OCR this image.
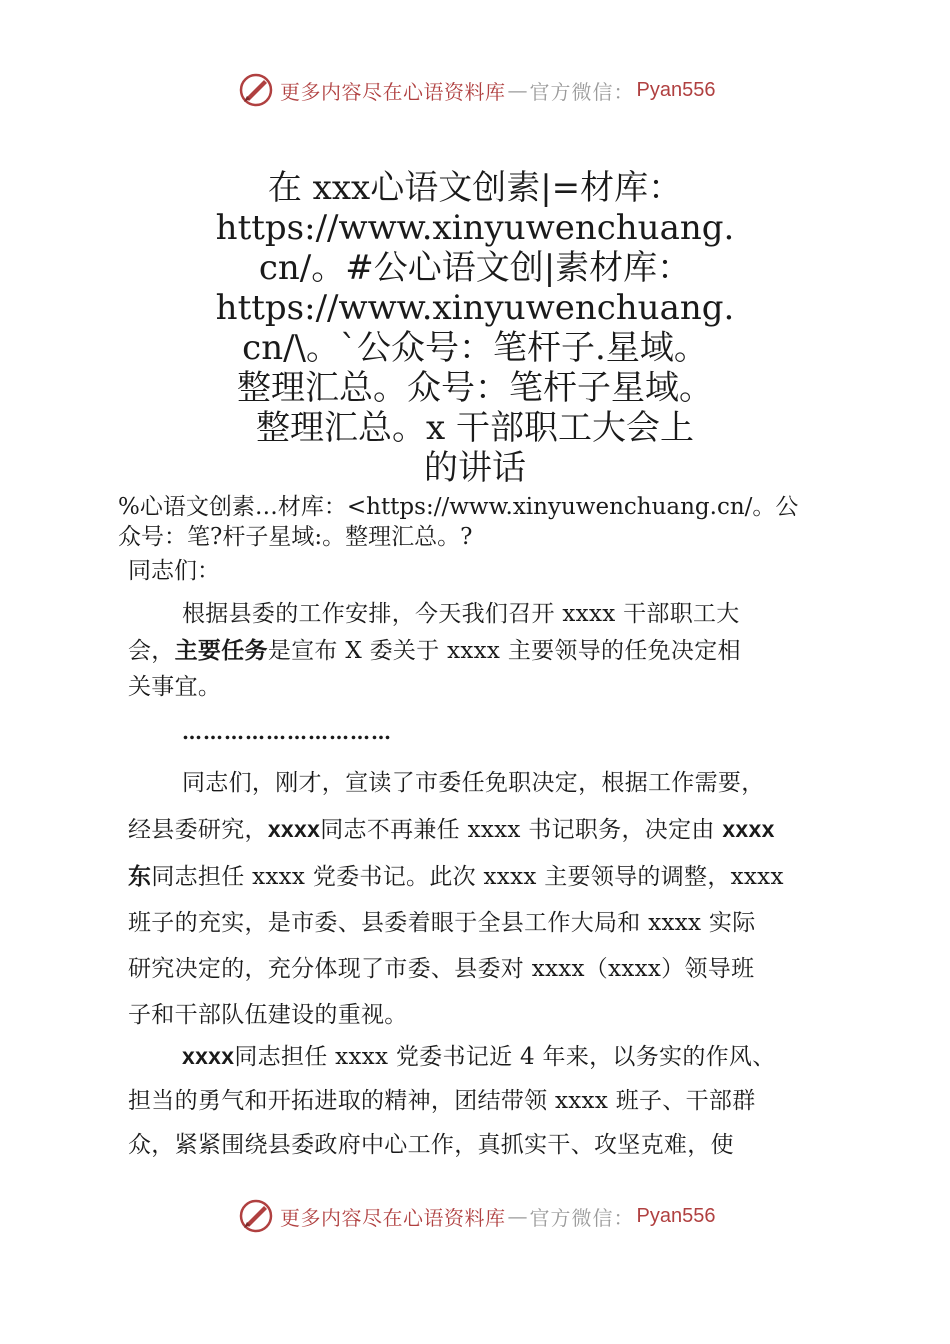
更多内容尽在心语资料库 — 官方微信： Pyan556
在 xxx心语文创素|=材库：
https://www.xinyuwenchuang.
cn/。#公心语文创|素材库：
https://www.xinyuwenchuang.
cn/\。`公众号：笔杆子.星域。
整理汇总。众号：笔杆子星域。
整理汇总。x 干部职工大会上
的讲话
%心语文创素…材库：<https://www.xinyuwenchuang.cn/。公
众号：笔?杆子星域:。整理汇总。?
同志们：
根据县委的工作安排，今天我们召开 xxxx 干部职工大
会，主要任务是宣布 X 委关于 xxxx 主要领导的任免决定相
关事宜。
…………………………
同志们，刚才，宣读了市委任免职决定，根据工作需要，
经县委研究，xxxx同志不再兼任 xxxx 书记职务，决定由 xxxx
东同志担任 xxxx 党委书记。此次 xxxx 主要领导的调整，xxxx
班子的充实，是市委、县委着眼于全县工作大局和 xxxx 实际
研究决定的，充分体现了市委、县委对 xxxx（xxxx）领导班
子和干部队伍建设的重视。
xxxx同志担任 xxxx 党委书记近 4 年来，以务实的作风、
担当的勇气和开拓进取的精神，团结带领 xxxx 班子、干部群
众，紧紧围绕县委政府中心工作，真抓实干、攻坚克难，使
更多内容尽在心语资料库 — 官方微信： Pyan556
